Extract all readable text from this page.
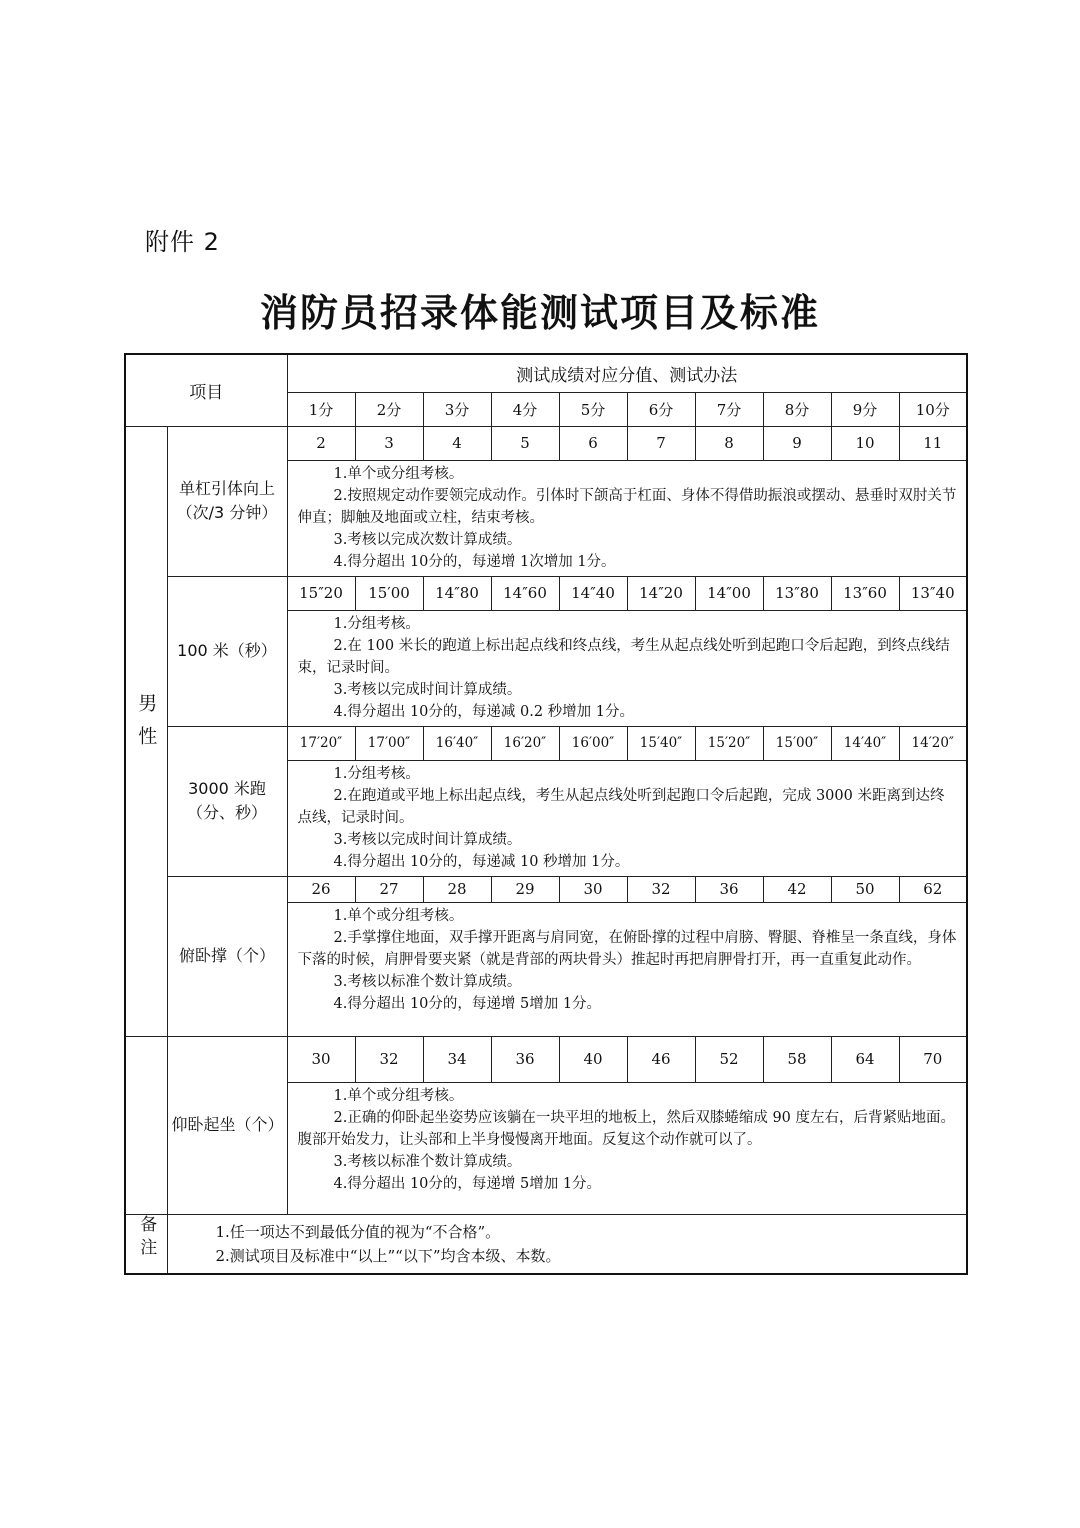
附件 2
消防员招录体能测试项目及标准
项目		测试成绩对应分值、测试办法									
		1分	2分	3分	4分	5分	6分	7分	8分	9分	10分
男性	单杠引体向上（次/3 分钟）	2	3	4	5	6	7	8	9	10	11

		1.单个或分组考核。
2.按照规定动作要领完成动作。引体时下颌高于杠面、身体不得借助振浪或摆动、悬垂时双肘关节伸直；脚触及地面或立柱，结束考核。
3.考核以完成次数计算成绩。
4.得分超出 10分的，每递增 1次增加 1分。									

	100 米（秒）	15″20	15′00	14″80	14″60	14″40	14″20	14″00	13″80	13″60	13″40

		1.分组考核。
2.在 100 米长的跑道上标出起点线和终点线，考生从起点线处听到起跑口令后起跑，到终点线结束，记录时间。
3.考核以完成时间计算成绩。
4.得分超出 10分的，每递减 0.2 秒增加 1分。									

	3000 米跑（分、秒）	17′20″	17′00″	16′40″	16′20″	16′00″	15′40″	15′20″	15′00″	14′40″	14′20″

		1.分组考核。
2.在跑道或平地上标出起点线，考生从起点线处听到起跑口令后起跑，完成 3000 米距离到达终点线，记录时间。
3.考核以完成时间计算成绩。
4.得分超出 10分的，每递减 10 秒增加 1分。									

	俯卧撑（个）	26	27	28	29	30	32	36	42	50	62

		1.单个或分组考核。
2.手掌撑住地面，双手撑开距离与肩同宽，在俯卧撑的过程中肩膀、臀腿、脊椎呈一条直线，身体下落的时候，肩胛骨要夹紧（就是背部的两块骨头）推起时再把肩胛骨打开，再一直重复此动作。
3.考核以标准个数计算成绩。
4.得分超出 10分的，每递增 5增加 1分。									

	仰卧起坐（个）	30	32	34	36	40	46	52	58	64	70

		1.单个或分组考核。
2.正确的仰卧起坐姿势应该躺在一块平坦的地板上，然后双膝蜷缩成 90 度左右，后背紧贴地面。腹部开始发力，让头部和上半身慢慢离开地面。反复这个动作就可以了。
3.考核以标准个数计算成绩。
4.得分超出 10分的，每递增 5增加 1分。									

备注	1.任一项达不到最低分值的视为“不合格”。
2.测试项目及标准中“以上”“以下”均含本级、本数。										
